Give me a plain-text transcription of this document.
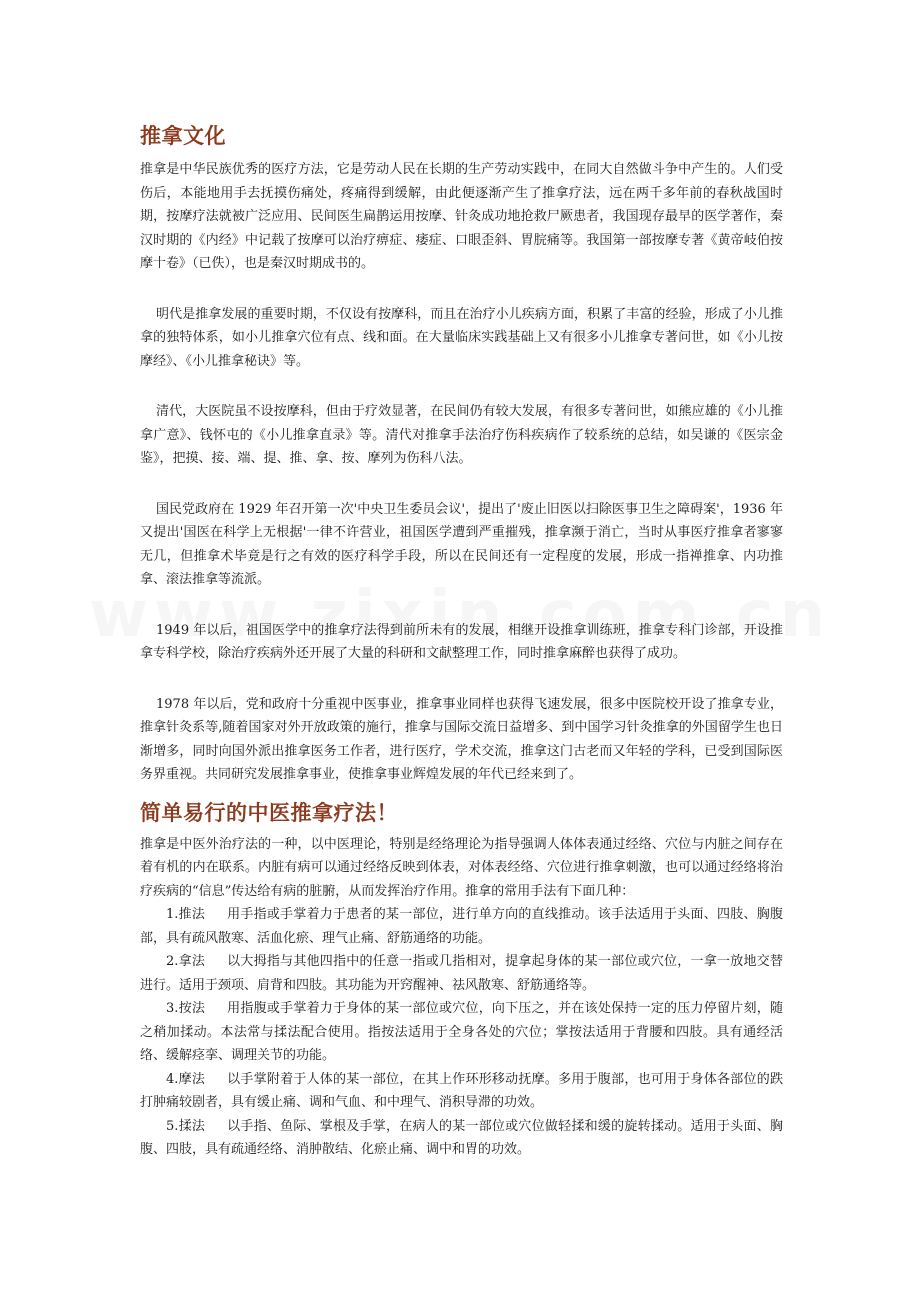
推拿文化

推拿是中华民族优秀的医疗方法，它是劳动人民在长期的生产劳动实践中，在同大自然做斗争中产生的。人们受伤后，本能地用手去抚摸伤痛处，疼痛得到缓解，由此便逐渐产生了推拿疗法，远在两千多年前的春秋战国时期，按摩疗法就被广泛应用、民间医生扁鹊运用按摩、针灸成功地抢救尸厥患者，我国现存最早的医学著作，秦汉时期的《内经》中记载了按摩可以治疗痹症、痿症、口眼歪斜、胃脘痛等。我国第一部按摩专著《黄帝岐伯按摩十卷》（已佚），也是秦汉时期成书的。

明代是推拿发展的重要时期，不仅设有按摩科，而且在治疗小儿疾病方面，积累了丰富的经验，形成了小儿推拿的独特体系，如小儿推拿穴位有点、线和面。在大量临床实践基础上又有很多小儿推拿专著问世，如《小儿按摩经》、《小儿推拿秘诀》等。

清代，大医院虽不设按摩科，但由于疗效显著，在民间仍有较大发展，有很多专著问世，如熊应雄的《小儿推拿广意》、钱怀屯的《小儿推拿直录》等。清代对推拿手法治疗伤科疾病作了较系统的总结，如吴谦的《医宗金鉴》，把摸、接、端、提、推、拿、按、摩列为伤科八法。

国民党政府在 1929 年召开第一次'中央卫生委员会议'，提出了'废止旧医以扫除医事卫生之障碍案'，1936 年又提出'国医在科学上无根据'一律不许营业，祖国医学遭到严重摧残，推拿濒于消亡，当时从事医疗推拿者寥寥无几，但推拿术毕竟是行之有效的医疗科学手段，所以在民间还有一定程度的发展，形成一指禅推拿、内功推拿、滚法推拿等流派。

1949 年以后，祖国医学中的推拿疗法得到前所未有的发展，相继开设推拿训练班，推拿专科门诊部，开设推拿专科学校，除治疗疾病外还开展了大量的科研和文献整理工作，同时推拿麻醉也获得了成功。

1978 年以后，党和政府十分重视中医事业，推拿事业同样也获得飞速发展，很多中医院校开设了推拿专业，推拿针灸系等,随着国家对外开放政策的施行，推拿与国际交流日益增多、到中国学习针灸推拿的外国留学生也日渐增多，同时向国外派出推拿医务工作者，进行医疗，学术交流，推拿这门古老而又年轻的学科，已受到国际医务界重视。共同研究发展推拿事业，使推拿事业辉煌发展的年代已经来到了。

简单易行的中医推拿疗法！

推拿是中医外治疗法的一种，以中医理论，特别是经络理论为指导强调人体体表通过经络、穴位与内脏之间存在着有机的内在联系。内脏有病可以通过经络反映到体表，对体表经络、穴位进行推拿刺激，也可以通过经络将治疗疾病的“信息”传达给有病的脏腑，从而发挥治疗作用。推拿的常用手法有下面几种：

1.推法 用手指或手掌着力于患者的某一部位，进行单方向的直线推动。该手法适用于头面、四肢、胸腹部，具有疏风散寒、活血化瘀、理气止痛、舒筋通络的功能。

2.拿法 以大拇指与其他四指中的任意一指或几指相对，提拿起身体的某一部位或穴位，一拿一放地交替进行。适用于颈项、肩背和四肢。其功能为开窍醒神、祛风散寒、舒筋通络等。

3.按法 用指腹或手掌着力于身体的某一部位或穴位，向下压之，并在该处保持一定的压力停留片刻，随之稍加揉动。本法常与揉法配合使用。指按法适用于全身各处的穴位；掌按法适用于背腰和四肢。具有通经活络、缓解痉挛、调理关节的功能。

4.摩法 以手掌附着于人体的某一部位，在其上作环形移动抚摩。多用于腹部，也可用于身体各部位的跌打肿痛较剧者，具有缓止痛、调和气血、和中理气、消积导滞的功效。

5.揉法 以手指、鱼际、掌根及手掌，在病人的某一部位或穴位做轻揉和缓的旋转揉动。适用于头面、胸腹、四肢，具有疏通经络、消肿散结、化瘀止痛、调中和胃的功效。
